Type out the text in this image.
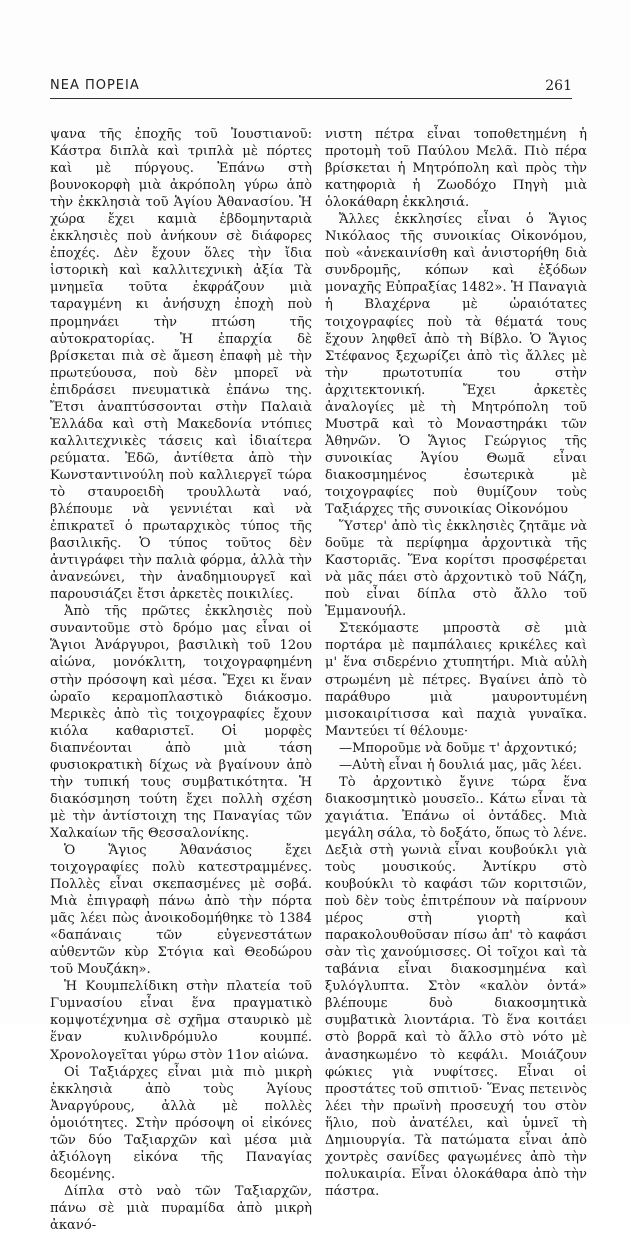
ΝΕΑ ΠΟΡΕΙΑ	261

ψανα τῆς ἐποχῆς τοῦ Ἰουστιανοῦ: Κάστρα διπλὰ καὶ τριπλὰ μὲ πόρτες καὶ μὲ πύργους. Ἐπάνω στὴ βουνοκορφὴ μιὰ ἀκρόπολη γύρω ἀπὸ τὴν ἐκκλησιὰ τοῦ Ἁγίου Ἀθανασίου. Ἡ χώρα ἔχει καμιὰ ἑβδομηνταριὰ ἐκκλησιὲς ποὺ ἀνήκουν σὲ διάφορες ἐποχές. Δὲν ἔχουν ὅλες τὴν ἴδια ἱστορικὴ καὶ καλλιτεχνικὴ ἀξία Τὰ μνημεῖα τοῦτα ἐκφράζουν μιὰ ταραγμένη κι ἀνήσυχη ἐποχὴ ποὺ προμηνάει τὴν πτώση τῆς αὐτοκρατορίας. Ἡ ἐπαρχία δὲ βρίσκεται πιὰ σὲ ἄμεση ἐπαφὴ μὲ τὴν πρωτεύουσα, ποὺ δὲν μπορεῖ νὰ ἐπιδράσει πνευματικὰ ἐπάνω της. Ἔτσι ἀναπτύσσονται στὴν Παλαιὰ Ἑλλάδα καὶ στὴ Μακεδονία ντόπιες καλλιτεχνικὲς τάσεις καὶ ἰδιαίτερα ρεύματα. Ἐδῶ, ἀντίθετα ἀπὸ τὴν Κωνσταντινούλη ποὺ καλλιεργεῖ τώρα τὸ σταυροειδὴ τρουλλωτὰ ναό, βλέπουμε νὰ γεννιέται καὶ νὰ ἐπικρατεῖ ὁ πρωταρχικὸς τύπος τῆς βασιλικῆς. Ὁ τύπος τοῦτος δὲν ἀντιγράφει τὴν παλιὰ φόρμα, ἀλλὰ τὴν ἀνανεώνει, τὴν ἀναδημιουργεῖ καὶ παρουσιάζει ἔτσι ἀρκετὲς ποικιλίες.

Ἀπὸ τῆς πρῶτες ἐκκλησιὲς ποὺ συναντοῦμε στὸ δρόμο μας εἶναι οἱ Ἅγιοι Ἀνάργυροι, βασιλικὴ τοῦ 12ου αἰώνα, μονόκλιτη, τοιχογραφημένη στὴν πρόσοψη καὶ μέσα. Ἔχει κι ἕναν ὡραῖο κεραμοπλαστικὸ διάκοσμο. Μερικὲς ἀπὸ τὶς τοιχογραφίες ἔχουν κιόλα καθαριστεῖ. Οἱ μορφὲς διαπνέονται ἀπὸ μιὰ τάση φυσιοκρατικὴ δίχως νὰ βγαίνουν ἀπὸ τὴν τυπική τους συμβατικότητα. Ἡ διακόσμηση τούτη ἔχει πολλὴ σχέση μὲ τὴν ἀντίστοιχη της Παναγίας τῶν Χαλκαίων τῆς Θεσσαλονίκης.

Ὁ Ἅγιος Ἀθανάσιος ἔχει τοιχογραφίες πολὺ κατεστραμμένες. Πολλὲς εἶναι σκεπασμένες μὲ σοβά. Μιὰ ἐπιγραφὴ πάνω ἀπὸ τὴν πόρτα μᾶς λέει πὼς ἀνοικοδομήθηκε τὸ 1384 «δαπάναις τῶν εὐγενεστάτων αὐθεντῶν κὺρ Στόγια καὶ Θεοδώρου τοῦ Μουζάκη».

Ἡ Κουμπελίδικη στὴν πλατεία τοῦ Γυμνασίου εἶναι ἕνα πραγματικὸ κομψοτέχνημα σὲ σχῆμα σταυρικὸ μὲ ἕναν κυλινδρόμυλο κουμπέ. Χρονολογεῖται γύρω στὸν 11ον αἰώνα.

Οἱ Ταξιάρχες εἶναι μιὰ πιὸ μικρὴ ἐκκλησιὰ ἀπὸ τοὺς Ἁγίους Ἀναργύρους, ἀλλὰ μὲ πολλὲς ὁμοιότητες. Στὴν πρόσοψη οἱ εἰκόνες τῶν δύο Ταξιαρχῶν καὶ μέσα μιὰ ἀξιόλογη εἰκόνα τῆς Παναγίας δεομένης.

Δίπλα στὸ ναὸ τῶν Ταξιαρχῶν, πάνω σὲ μιὰ πυραμίδα ἀπὸ μικρὴ ἀκανό-

νιστη πέτρα εἶναι τοποθετημένη ἡ προτομὴ τοῦ Παύλου Μελᾶ. Πιὸ πέρα βρίσκεται ἡ Μητρόπολη καὶ πρὸς τὴν κατηφοριὰ ἡ Ζωοδόχο Πηγὴ μιὰ ὁλοκάθαρη ἐκκλησιά.

Ἄλλες ἐκκλησίες εἶναι ὁ Ἅγιος Νικόλαος τῆς συνοικίας Οἰκονόμου, ποὺ «ἀνεκαινίσθη καὶ ἀνιστορήθη διὰ συνδρομῆς, κόπων καὶ ἐξόδων μοναχῆς Εὐπραξίας 1482». Ἡ Παναγιὰ ἡ Βλαχέρνα μὲ ὡραιότατες τοιχογραφίες ποὺ τὰ θέματά τους ἔχουν ληφθεῖ ἀπὸ τὴ Βίβλο. Ὁ Ἅγιος Στέφανος ξεχωρίζει ἀπὸ τὶς ἄλλες μὲ τὴν πρωτοτυπία του στὴν ἀρχιτεκτονική. Ἔχει ἀρκετὲς ἀναλογίες μὲ τὴ Μητρόπολη τοῦ Μυστρᾶ καὶ τὸ Μοναστηράκι τῶν Ἀθηνῶν. Ὁ Ἅγιος Γεώργιος τῆς συνοικίας Ἁγίου Θωμᾶ εἶναι διακοσμημένος ἐσωτερικὰ μὲ τοιχογραφίες ποὺ θυμίζουν τοὺς Ταξιάρχες τῆς συνοικίας Οἰκονόμου

Ὕστερ' ἀπὸ τὶς ἐκκλησιὲς ζητᾶμε νὰ δοῦμε τὰ περίφημα ἀρχοντικὰ τῆς Καστοριᾶς. Ἕνα κορίτσι προσφέρεται νὰ μᾶς πάει στὸ ἀρχοντικὸ τοῦ Νάζη, ποὺ εἶναι δίπλα στὸ ἄλλο τοῦ Ἐμμανουήλ.

Στεκόμαστε μπροστὰ σὲ μιὰ πορτάρα μὲ παμπάλαιες κρικέλες καὶ μ' ἕνα σιδερένιο χτυπητήρι. Μιὰ αὐλὴ στρωμένη μὲ πέτρες. Βγαίνει ἀπὸ τὸ παράθυρο μιὰ μαυροντυμένη μισοκαιρίτισσα καὶ παχιὰ γυναῖκα. Μαντεύει τί θέλουμε·

—Μποροῦμε νὰ δοῦμε τ' ἀρχοντικό;

—Αὐτὴ εἶναι ἡ δουλιά μας, μᾶς λέει.

Τὸ ἀρχοντικὸ ἔγινε τώρα ἕνα διακοσμητικὸ μουσεῖο.. Κάτω εἶναι τὰ χαγιάτια. Ἐπάνω οἱ ὀντάδες. Μιὰ μεγάλη σάλα, τὸ δοξάτο, ὅπως τὸ λένε. Δεξιὰ στὴ γωνιὰ εἶναι κουβούκλι γιὰ τοὺς μουσικούς. Ἀντίκρυ στὸ κουβούκλι τὸ καφάσι τῶν κοριτσιῶν, ποὺ δὲν τοὺς ἐπιτρέπουν νὰ παίρνουν μέρος στὴ γιορτὴ καὶ παρακολουθοῦσαν πίσω ἀπ' τὸ καφάσι σὰν τὶς χανούμισσες. Οἱ τοῖχοι καὶ τὰ ταβάνια εἶναι διακοσμημένα καὶ ξυλόγλυπτα. Στὸν «καλὸν ὀντά» βλέπουμε δυὸ διακοσμητικὰ συμβατικὰ λιοντάρια. Τὸ ἕνα κοιτάει στὸ βορρᾶ καὶ τὸ ἄλλο στὸ νότο μὲ ἀνασηκωμένο τὸ κεφάλι. Μοιάζουν φώκιες γιὰ νυφίτσες. Εἶναι οἱ προστάτες τοῦ σπιτιοῦ· Ἕνας πετεινὸς λέει τὴν πρωϊνὴ προσευχή του στὸν ἥλιο, ποὺ ἀνατέλει, καὶ ὑμνεῖ τὴ Δημιουργία. Τὰ πατώματα εἶναι ἀπὸ χοντρὲς σανίδες φαγωμένες ἀπὸ τὴν πολυκαιρία. Εἶναι ὁλοκάθαρα ἀπὸ τὴν πάστρα.
